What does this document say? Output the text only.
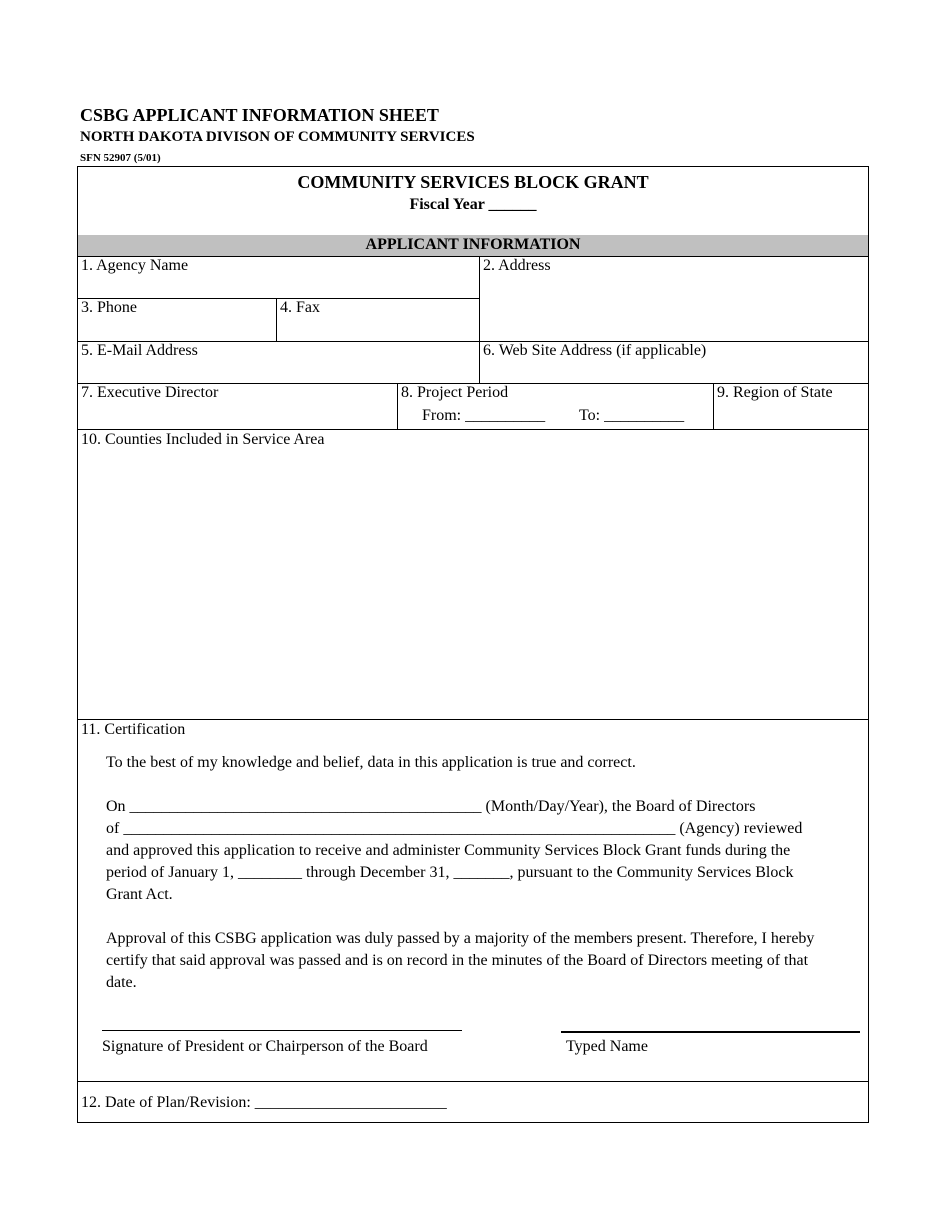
CSBG APPLICANT INFORMATION SHEET
NORTH DAKOTA DIVISON OF COMMUNITY SERVICES
SFN 52907 (5/01)
COMMUNITY SERVICES BLOCK GRANT
Fiscal Year ______
APPLICANT INFORMATION
1. Agency Name	2. Address
3. Phone	4. Fax
5. E-Mail Address	6. Web Site Address (if applicable)
7. Executive Director	8. Project Period
From: __________ To: __________
9. Region of State
10. Counties Included in Service Area
11. Certification
To the best of my knowledge and belief, data in this application is true and correct.
On ____________________________________________ (Month/Day/Year), the Board of Directors
of _____________________________________________________________________ (Agency) reviewed
and approved this application to receive and administer Community Services Block Grant funds during the
period of January 1, ________ through December 31, _______, pursuant to the Community Services Block
Grant Act.
Approval of this CSBG application was duly passed by a majority of the members present. Therefore, I hereby
certify that said approval was passed and is on record in the minutes of the Board of Directors meeting of that
date.
Signature of President or Chairperson of the Board	Typed Name
12. Date of Plan/Revision: ________________________
